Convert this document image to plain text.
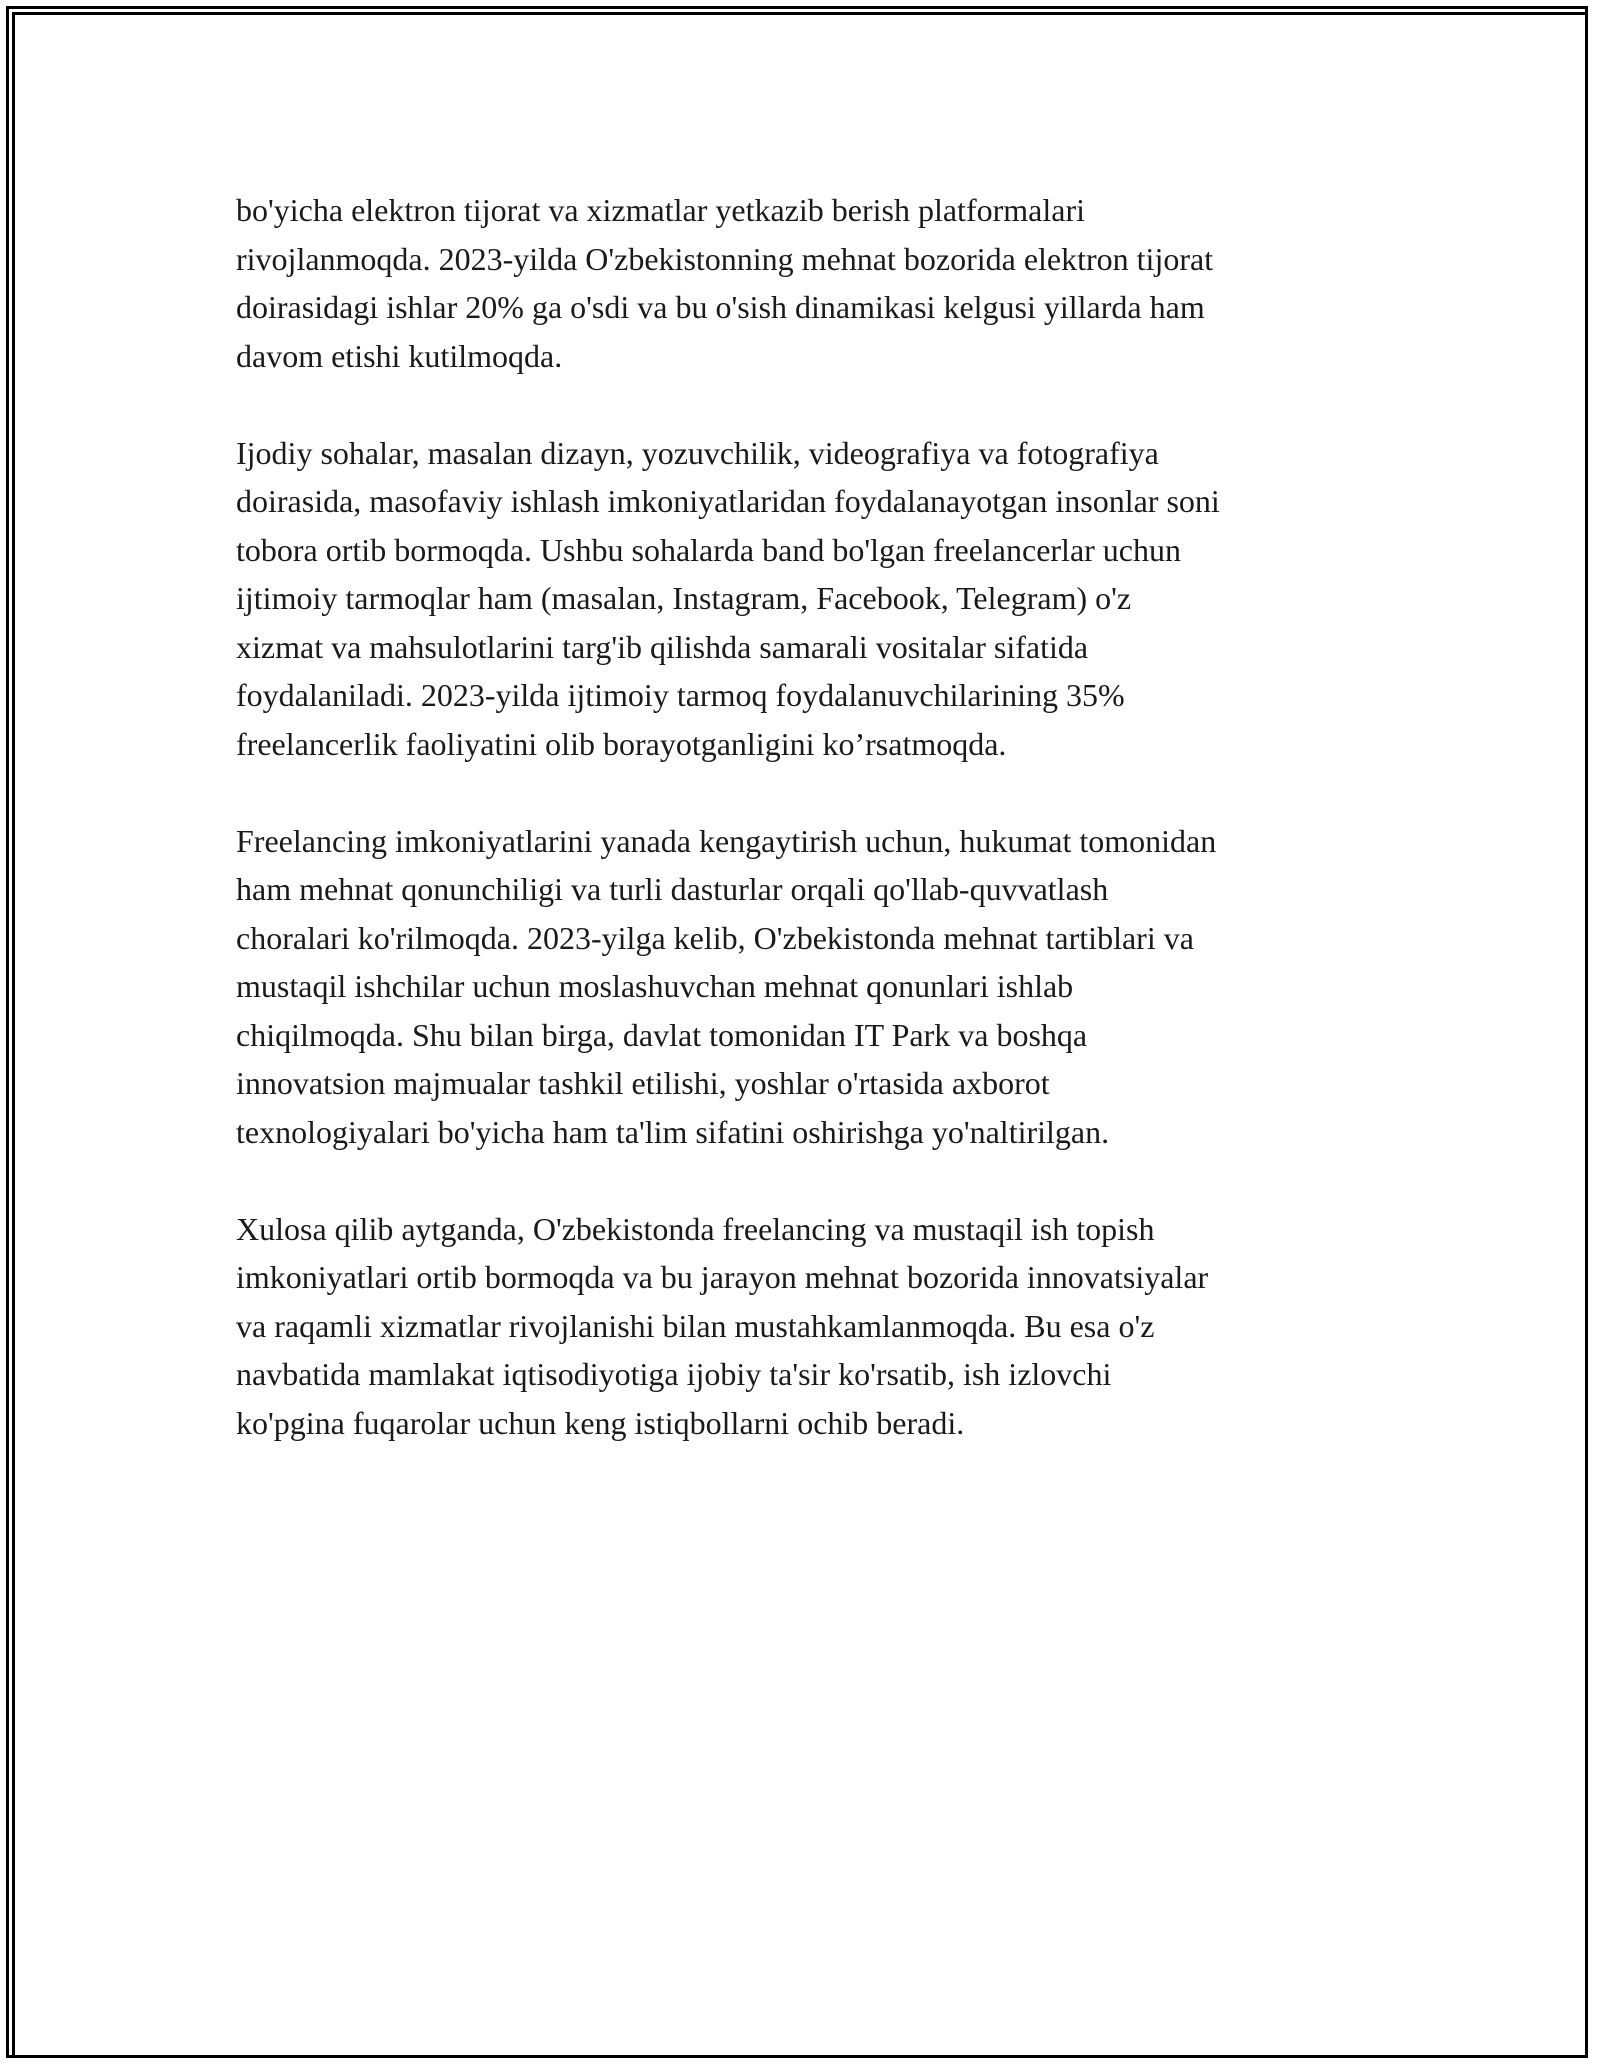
bo'yicha elektron tijorat va xizmatlar yetkazib berish platformalari
rivojlanmoqda. 2023-yilda O'zbekistonning mehnat bozorida elektron tijorat
doirasidagi ishlar 20% ga o'sdi va bu o'sish dinamikasi kelgusi yillarda ham
davom etishi kutilmoqda.

Ijodiy sohalar, masalan dizayn, yozuvchilik, videografiya va fotografiya
doirasida, masofaviy ishlash imkoniyatlaridan foydalanayotgan insonlar soni
tobora ortib bormoqda. Ushbu sohalarda band bo'lgan freelancerlar uchun
ijtimoiy tarmoqlar ham (masalan, Instagram, Facebook, Telegram) o'z
xizmat va mahsulotlarini targ'ib qilishda samarali vositalar sifatida
foydalaniladi. 2023-yilda ijtimoiy tarmoq foydalanuvchilarining 35%
freelancerlik faoliyatini olib borayotganligini ko’rsatmoqda.

Freelancing imkoniyatlarini yanada kengaytirish uchun, hukumat tomonidan
ham mehnat qonunchiligi va turli dasturlar orqali qo'llab-quvvatlash
choralari ko'rilmoqda. 2023-yilga kelib, O'zbekistonda mehnat tartiblari va
mustaqil ishchilar uchun moslashuvchan mehnat qonunlari ishlab
chiqilmoqda. Shu bilan birga, davlat tomonidan IT Park va boshqa
innovatsion majmualar tashkil etilishi, yoshlar o'rtasida axborot
texnologiyalari bo'yicha ham ta'lim sifatini oshirishga yo'naltirilgan.

Xulosa qilib aytganda, O'zbekistonda freelancing va mustaqil ish topish
imkoniyatlari ortib bormoqda va bu jarayon mehnat bozorida innovatsiyalar
va raqamli xizmatlar rivojlanishi bilan mustahkamlanmoqda. Bu esa o'z
navbatida mamlakat iqtisodiyotiga ijobiy ta'sir ko'rsatib, ish izlovchi
ko'pgina fuqarolar uchun keng istiqbollarni ochib beradi.
